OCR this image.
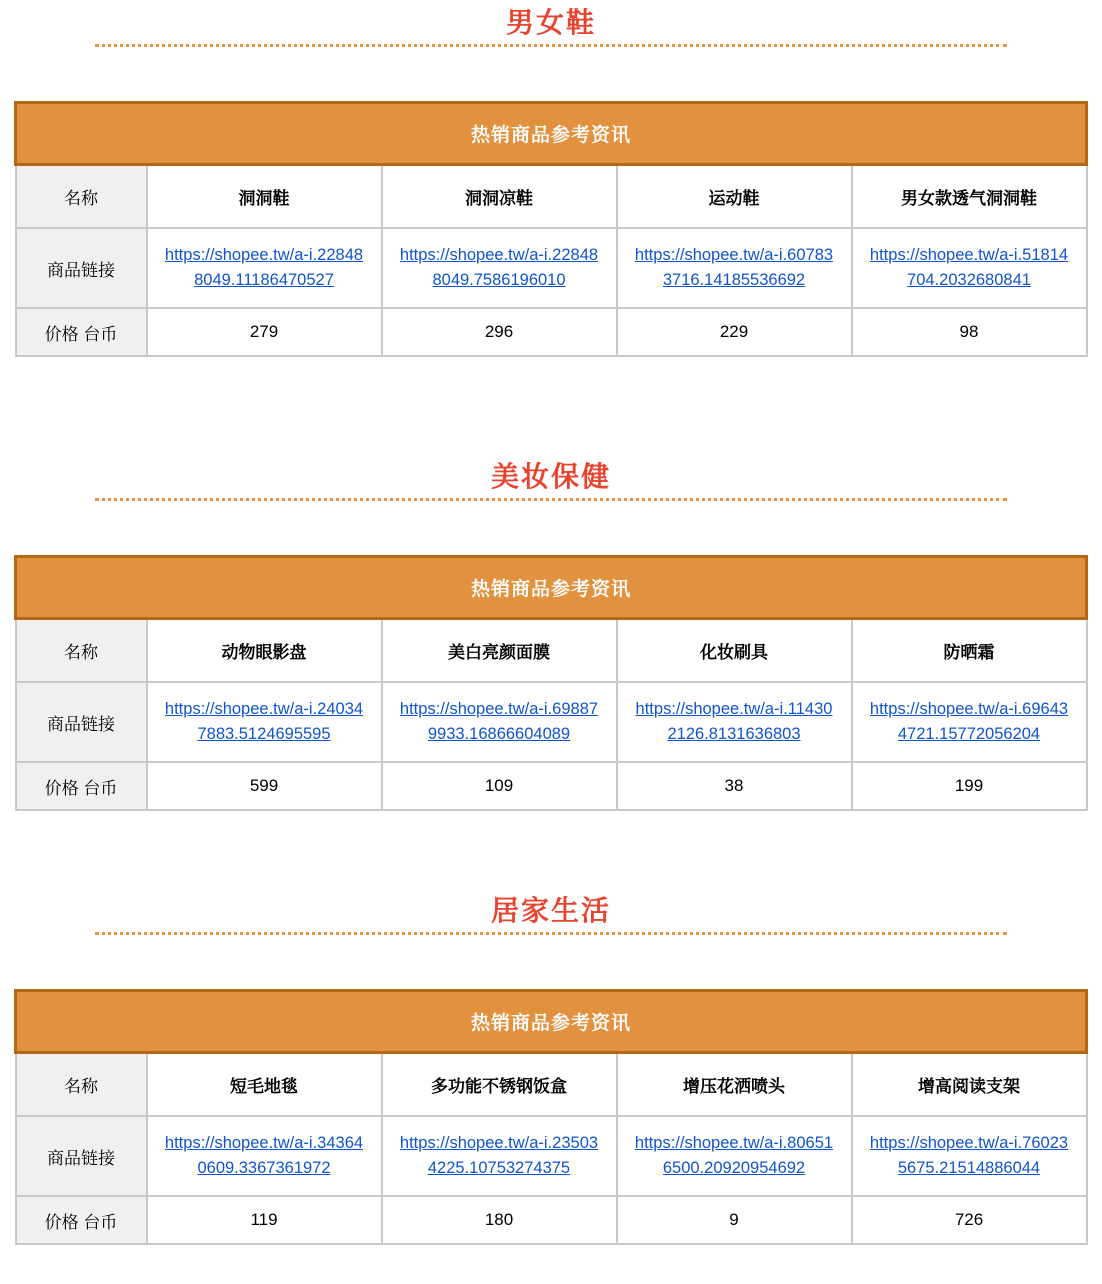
男女鞋
热销商品参考资讯				
名称	洞洞鞋	洞洞凉鞋	运动鞋	男女款透气洞洞鞋
商品链接	https://shopee.tw/a-i.228488049.11186470527	https://shopee.tw/a-i.228488049.7586196010	https://shopee.tw/a-i.607833716.14185536692	https://shopee.tw/a-i.51814704.2032680841
价格 台币	279	296	229	98
美妆保健
热销商品参考资讯				
名称	动物眼影盘	美白亮颜面膜	化妆刷具	防晒霜
商品链接	https://shopee.tw/a-i.240347883.5124695595	https://shopee.tw/a-i.698879933.16866604089	https://shopee.tw/a-i.114302126.8131636803	https://shopee.tw/a-i.696434721.15772056204
价格 台币	599	109	38	199
居家生活
热销商品参考资讯				
名称	短毛地毯	多功能不锈钢饭盒	增压花洒喷头	增高阅读支架
商品链接	https://shopee.tw/a-i.343640609.3367361972	https://shopee.tw/a-i.235034225.10753274375	https://shopee.tw/a-i.806516500.20920954692	https://shopee.tw/a-i.760235675.21514886044
价格 台币	119	180	9	726
